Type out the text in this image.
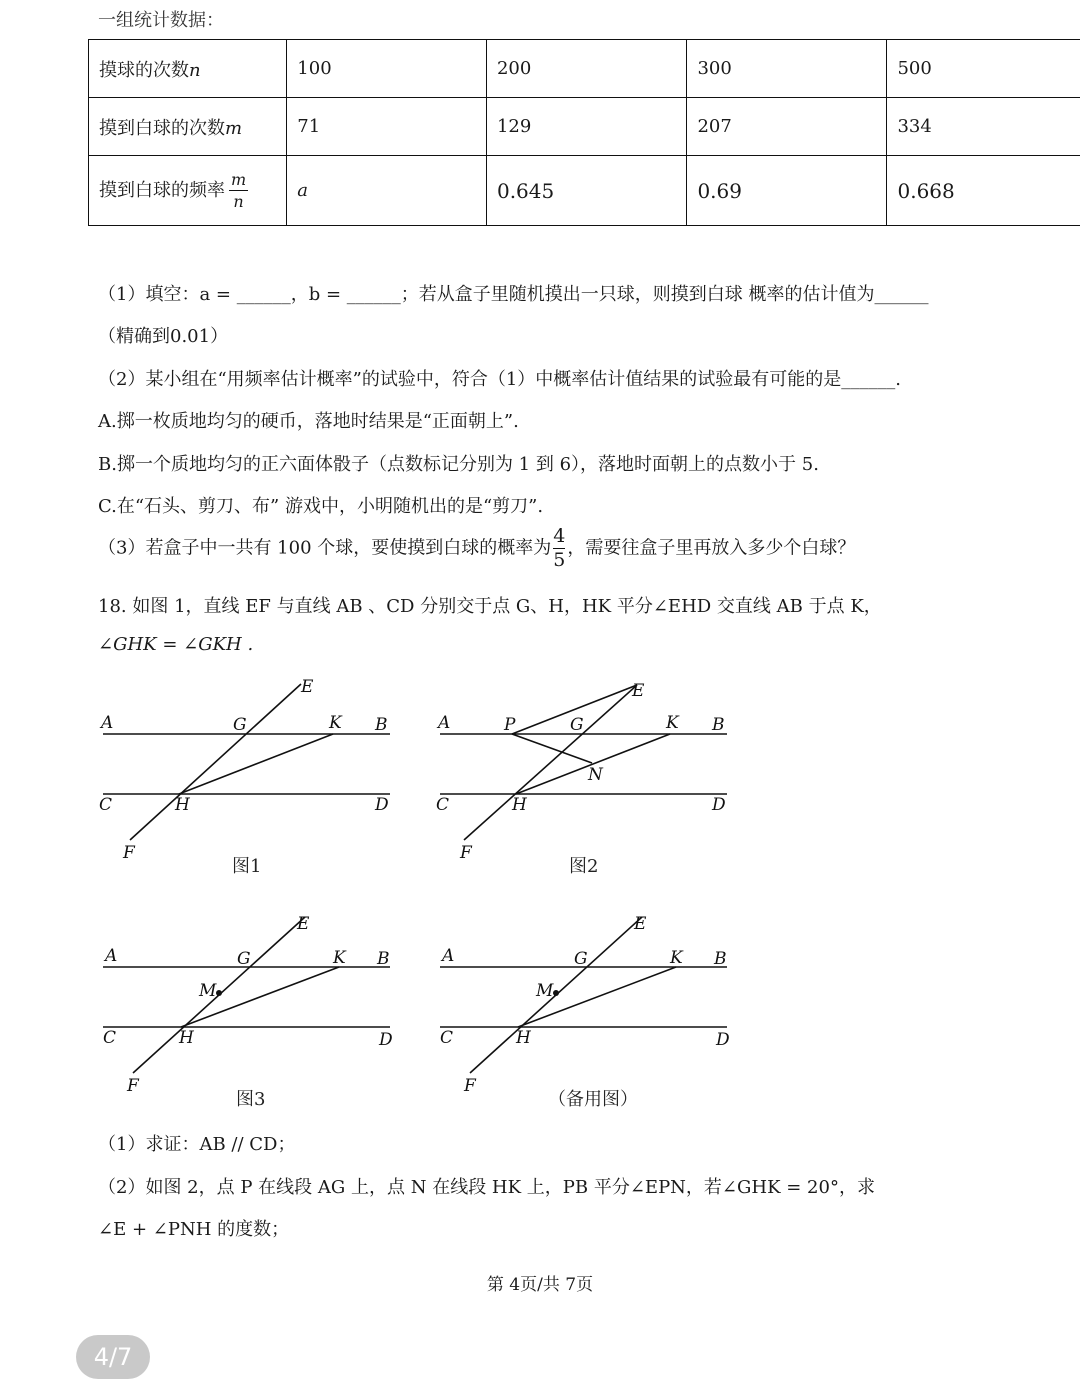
一组统计数据：
摸球的次数n	100	200	300	500
摸到白球的次数m	71	129	207	334
摸到白球的频率 $\frac{m}{n}$	a	0.645	0.69	0.668
（1）填空：a = ______，b = ______；若从盒子里随机摸出一只球，则摸到白球 概率的估计值为______
（精确到0.01）
（2）某小组在“用频率估计概率”的试验中，符合（1）中概率估计值结果的试验最有可能的是______.
A.掷一枚质地均匀的硬币，落地时结果是“正面朝上”.
B.掷一个质地均匀的正六面体骰子（点数标记分别为 1 到 6），落地时面朝上的点数小于 5.
C.在“石头、剪刀、布” 游戏中，小明随机出的是“剪刀”.
（3）若盒子中一共有 100 个球，要使摸到白球的概率为 $\frac{4}{5}$ ，需要往盒子里再放入多少个白球？
18. 如图 1，直线 EF 与直线 AB 、CD 分别交于点 G、H，HK 平分∠EHD 交直线 AB 于点 K，
∠GHK = ∠GKH .
A	B
C	D
E
F
G
H
K
图1
A	P	B
C	D
E
F
G
H
K
N
图2
A	B
C	D
E
F
G
H
K
M
图3
A	B
C	D
E
F
G
H
K
M
（备用图）
（1）求证：AB // CD；
（2）如图 2，点 P 在线段 AG 上，点 N 在线段 HK 上，PB 平分∠EPN，若∠GHK = 20°，求
∠E + ∠PNH 的度数；
第 4页/共 7页
4/7
